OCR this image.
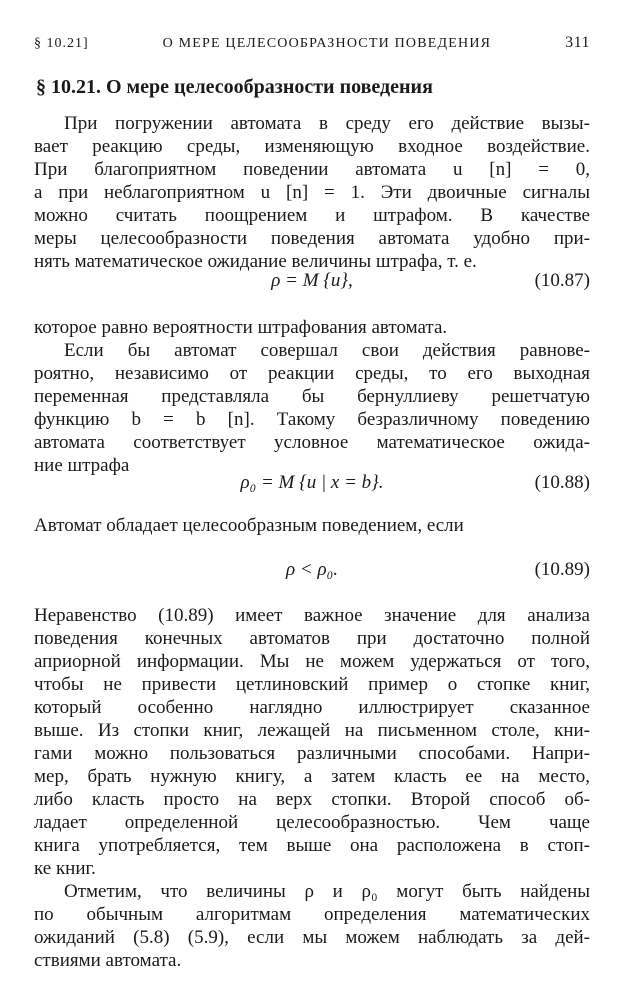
§ 10.21]	О МЕРЕ ЦЕЛЕСООБРАЗНОСТИ ПОВЕДЕНИЯ	311
§ 10.21. О мере целесообразности поведения
При погружении автомата в среду его действие вызы-
вает реакцию среды, изменяющую входное воздействие.
При благоприятном поведении автомата u [n] = 0,
а при неблагоприятном u [n] = 1. Эти двоичные сигналы
можно считать поощрением и штрафом. В качестве
меры целесообразности поведения автомата удобно при-
нять математическое ожидание величины штрафа, т. е.
ρ = M {u},	(10.87)
которое равно вероятности штрафования автомата.
Если бы автомат совершал свои действия равнове-
роятно, независимо от реакции среды, то его выходная
переменная представляла бы бернуллиеву решетчатую
функцию b = b [n]. Такому безразличному поведению
автомата соответствует условное математическое ожида-
ние штрафа
ρ₀ = M {u | x = b}.	(10.88)
Автомат обладает целесообразным поведением, если
ρ < ρ₀.	(10.89)
Неравенство (10.89) имеет важное значение для анализа
поведения конечных автоматов при достаточно полной
априорной информации. Мы не можем удержаться от того,
чтобы не привести цетлиновский пример о стопке книг,
который особенно наглядно иллюстрирует сказанное
выше. Из стопки книг, лежащей на письменном столе, кни-
гами можно пользоваться различными способами. Напри-
мер, брать нужную книгу, а затем класть ее на место,
либо класть просто на верх стопки. Второй способ об-
ладает определенной целесообразностью. Чем чаще
книга употребляется, тем выше она расположена в стоп-
ке книг.
Отметим, что величины ρ и ρ₀ могут быть найдены
по обычным алгоритмам определения математических
ожиданий (5.8) (5.9), если мы можем наблюдать за дей-
ствиями автомата.
